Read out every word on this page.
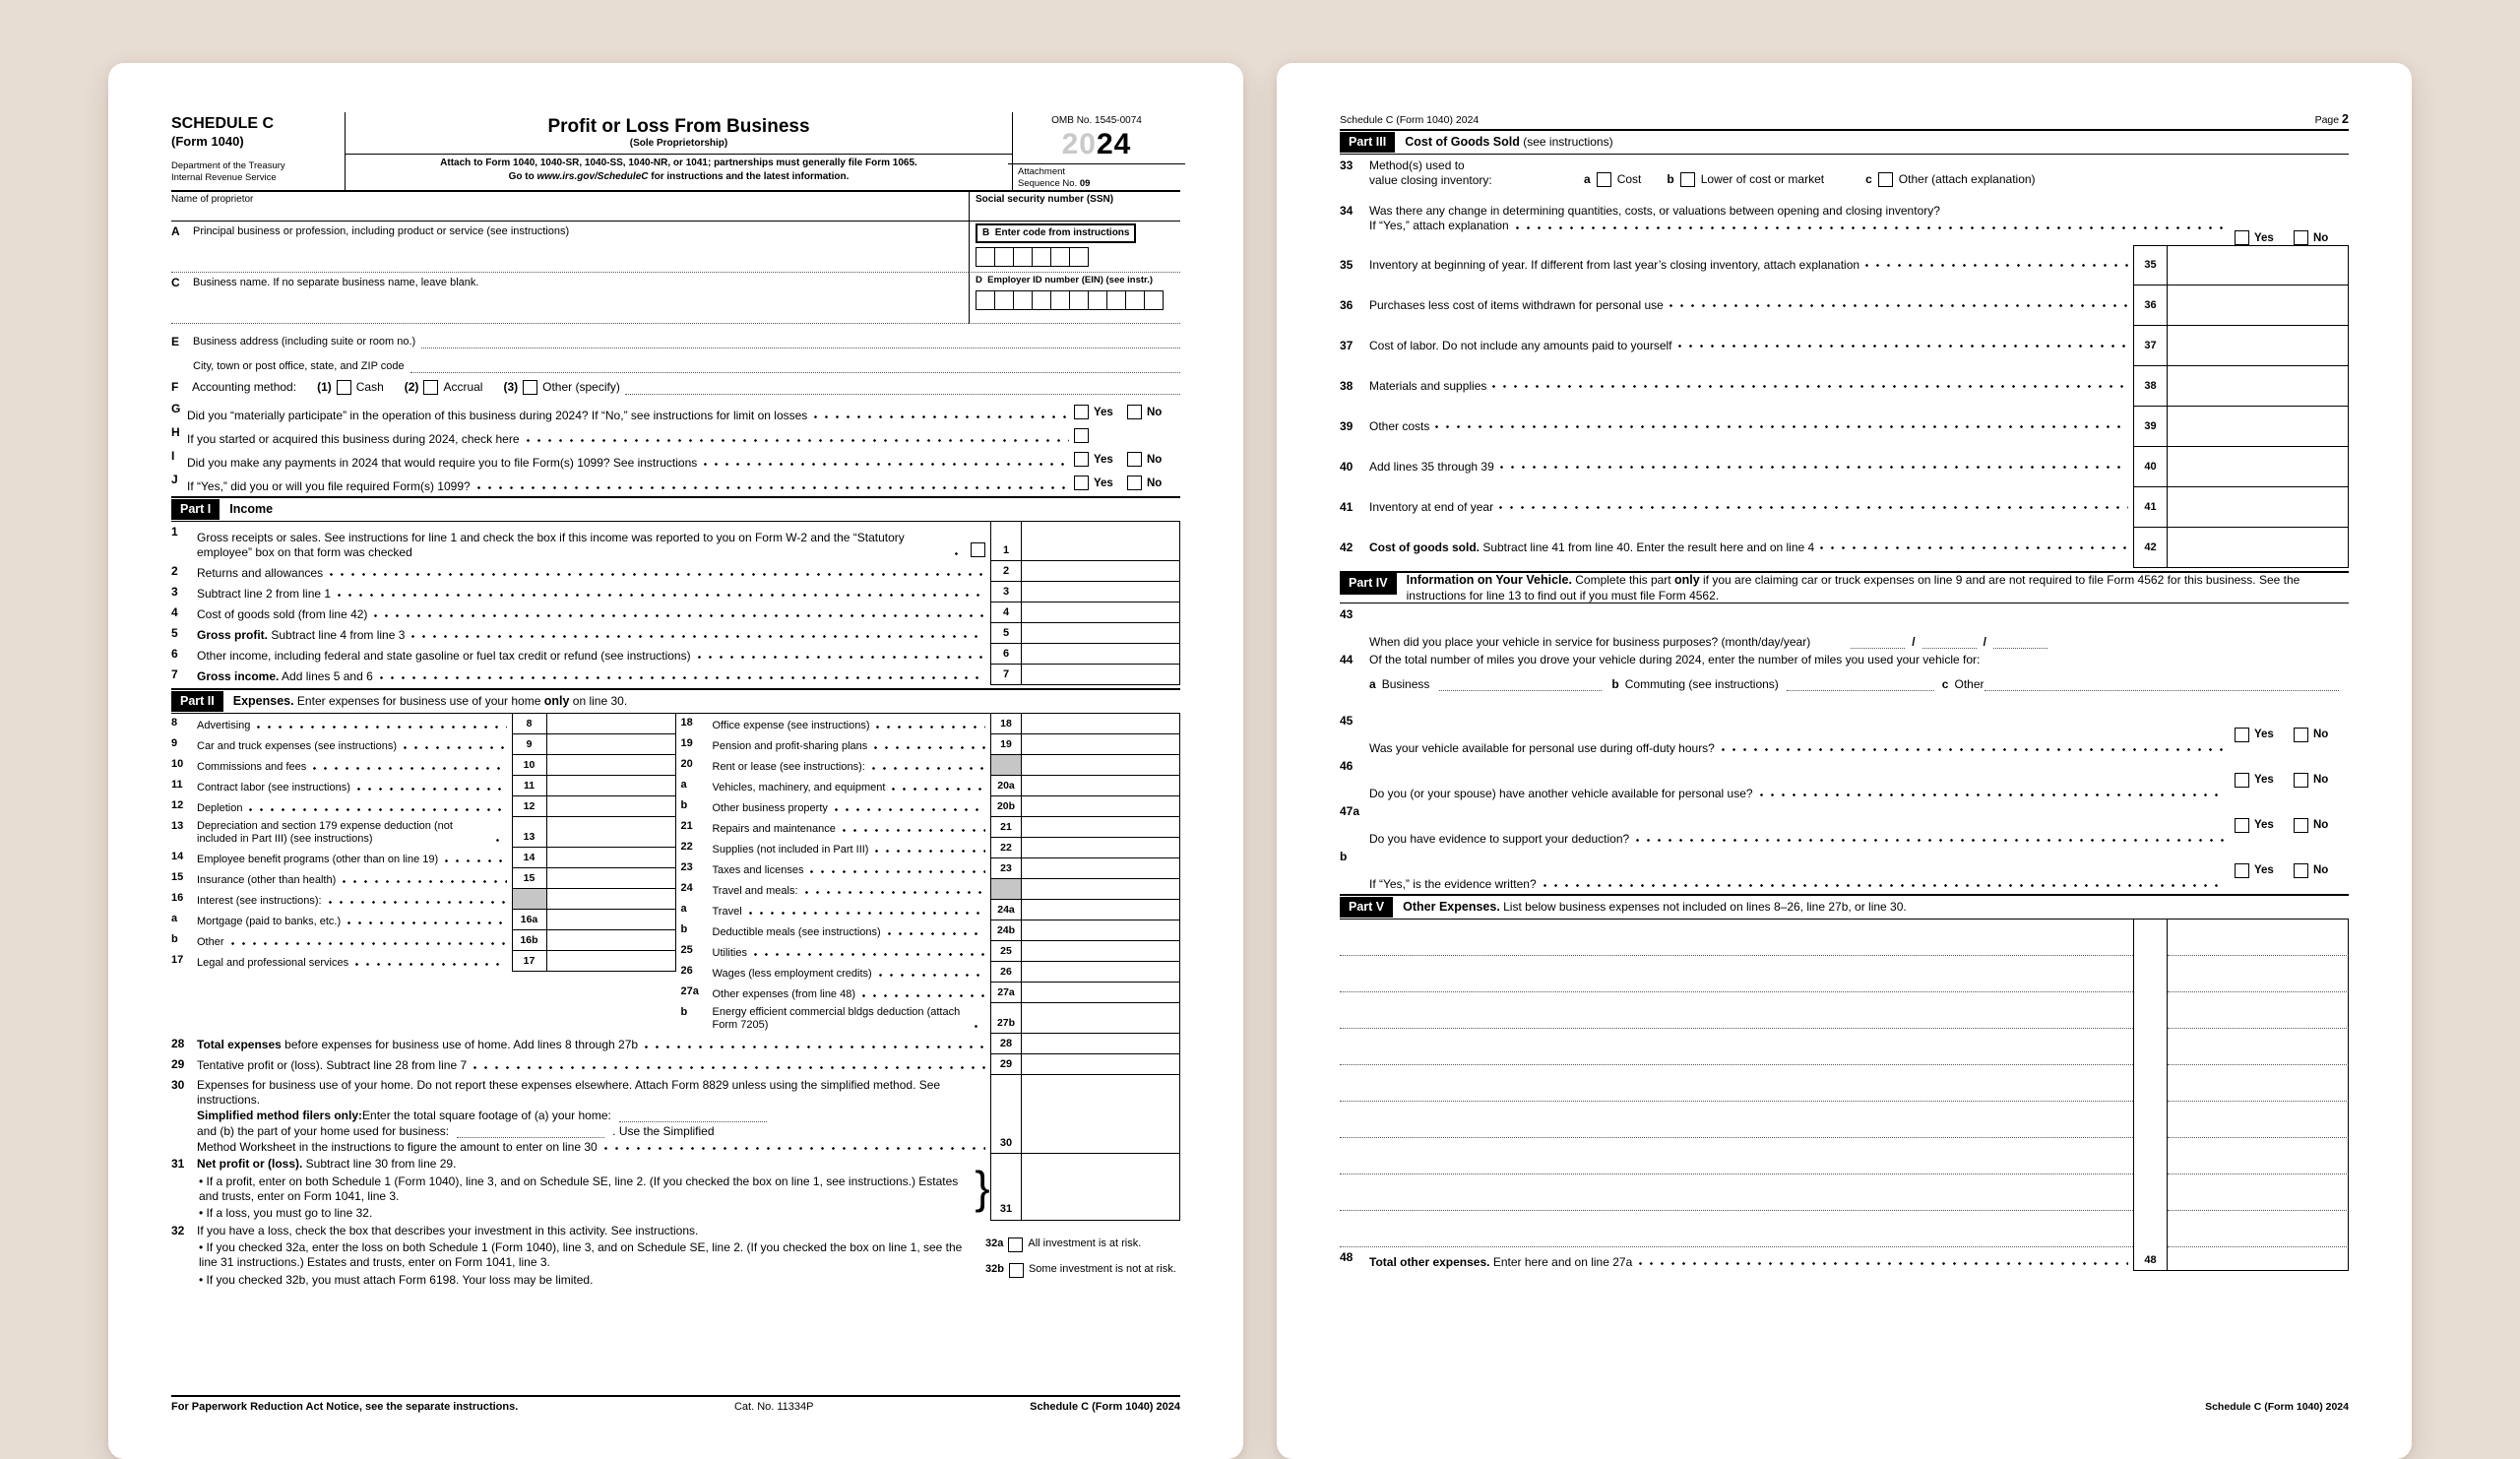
SCHEDULE C
(Form 1040)
Department of the Treasury
Internal Revenue Service
Profit or Loss From Business
(Sole Proprietorship)
Attach to Form 1040, 1040-SR, 1040-SS, 1040-NR, or 1041; partnerships must generally file Form 1065.
Go to www.irs.gov/ScheduleC for instructions and the latest information.
OMB No. 1545-0074
2024
Attachment
Sequence No. 09
Name of proprietor	Social security number (SSN)
A	Principal business or profession, including product or service (see instructions)	B Enter code from instructions
C	Business name. If no separate business name, leave blank.	D Employer ID number (EIN) (see instr.)
E	Business address (including suite or room no.)
City, town or post office, state, and ZIP code
F	Accounting method: (1) Cash (2) Accrual (3) Other (specify)
G Did you “materially participate” in the operation of this business during 2024? If “No,” see instructions for limit on losses	Yes	No
H If you started or acquired this business during 2024, check here
I	Did you make any payments in 2024 that would require you to file Form(s) 1099? See instructions	Yes	No
J If “Yes,” did you or will you file required Form(s) 1099?	Yes	No
Part I	Income
1	Gross receipts or sales. See instructions for line 1 and check the box if this income was reported to you on Form W-2 and the “Statutory employee” box on that form was checked	1
2	Returns and allowances	2
3	Subtract line 2 from line 1	3
4	Cost of goods sold (from line 42)	4
5	Gross profit. Subtract line 4 from line 3	5
6	Other income, including federal and state gasoline or fuel tax credit or refund (see instructions)	6
7	Gross income. Add lines 5 and 6	7
Part II	Expenses. Enter expenses for business use of your home only on line 30.
8	Advertising	8
9	Car and truck expenses (see instructions)	9
10	Commissions and fees	10
11	Contract labor (see instructions)	11
12	Depletion	12
13	Depreciation and section 179 expense deduction (not included in Part III) (see instructions)	13
14	Employee benefit programs (other than on line 19)	14
15	Insurance (other than health)	15
16	Interest (see instructions):
a	Mortgage (paid to banks, etc.)	16a
b	Other	16b
17	Legal and professional services	17
18	Office expense (see instructions)	18
19	Pension and profit-sharing plans	19
20	Rent or lease (see instructions):
a	Vehicles, machinery, and equipment	20a
b	Other business property	20b
21	Repairs and maintenance	21
22	Supplies (not included in Part III)	22
23	Taxes and licenses	23
24	Travel and meals:
a	Travel	24a
b	Deductible meals (see instructions)	24b
25	Utilities	25
26	Wages (less employment credits)	26
27a	Other expenses (from line 48)	27a
b	Energy efficient commercial bldgs deduction (attach Form 7205)	27b
28	Total expenses before expenses for business use of home. Add lines 8 through 27b	28
29	Tentative profit or (loss). Subtract line 28 from line 7	29
30	Expenses for business use of your home. Do not report these expenses elsewhere. Attach Form 8829 unless using the simplified method. See instructions.
Simplified method filers only: Enter the total square footage of (a) your home:
and (b) the part of your home used for business:	. Use the Simplified
Method Worksheet in the instructions to figure the amount to enter on line 30	30
31	Net profit or (loss). Subtract line 30 from line 29.
• If a profit, enter on both Schedule 1 (Form 1040), line 3, and on Schedule SE, line 2. (If you checked the box on line 1, see instructions.) Estates and trusts, enter on Form 1041, line 3.
• If a loss, you must go to line 32.
} 31
32	If you have a loss, check the box that describes your investment in this activity. See instructions.
• If you checked 32a, enter the loss on both Schedule 1 (Form 1040), line 3, and on Schedule SE, line 2. (If you checked the box on line 1, see the line 31 instructions.) Estates and trusts, enter on Form 1041, line 3.
• If you checked 32b, you must attach Form 6198. Your loss may be limited.
32a All investment is at risk.
32b Some investment is not at risk.
For Paperwork Reduction Act Notice, see the separate instructions.	Cat. No. 11334P	Schedule C (Form 1040) 2024
Schedule C (Form 1040) 2024	Page 2
Part III	Cost of Goods Sold (see instructions)
33	Method(s) used to
value closing inventory:	a Cost b Lower of cost or market	c Other (attach explanation)
34	Was there any change in determining quantities, costs, or valuations between opening and closing inventory?
If “Yes,” attach explanation
Yes	No
35	Inventory at beginning of year. If different from last year’s closing inventory, attach explanation	35
36	Purchases less cost of items withdrawn for personal use	36
37	Cost of labor. Do not include any amounts paid to yourself	37
38	Materials and supplies	38
39	Other costs	39
40	Add lines 35 through 39	40
41	Inventory at end of year	41
42	Cost of goods sold. Subtract line 41 from line 40. Enter the result here and on line 4	42
Part IV	Information on Your Vehicle. Complete this part only if you are claiming car or truck expenses on line 9 and are not required to file Form 4562 for this business. See the instructions for line 13 to find out if you must file Form 4562.
43
When did you place your vehicle in service for business purposes? (month/day/year)	/	/
44	Of the total number of miles you drove your vehicle during 2024, enter the number of miles you used your vehicle for:
a Business	b Commuting (see instructions)	c Other
45
Was your vehicle available for personal use during off-duty hours?
Yes	No
46
Do you (or your spouse) have another vehicle available for personal use?
Yes	No
47a
Do you have evidence to support your deduction?
Yes	No
b
If “Yes,” is the evidence written?
Yes	No
Part V	Other Expenses. List below business expenses not included on lines 8–26, line 27b, or line 30.
48	Total other expenses. Enter here and on line 27a	48
Schedule C (Form 1040) 2024
